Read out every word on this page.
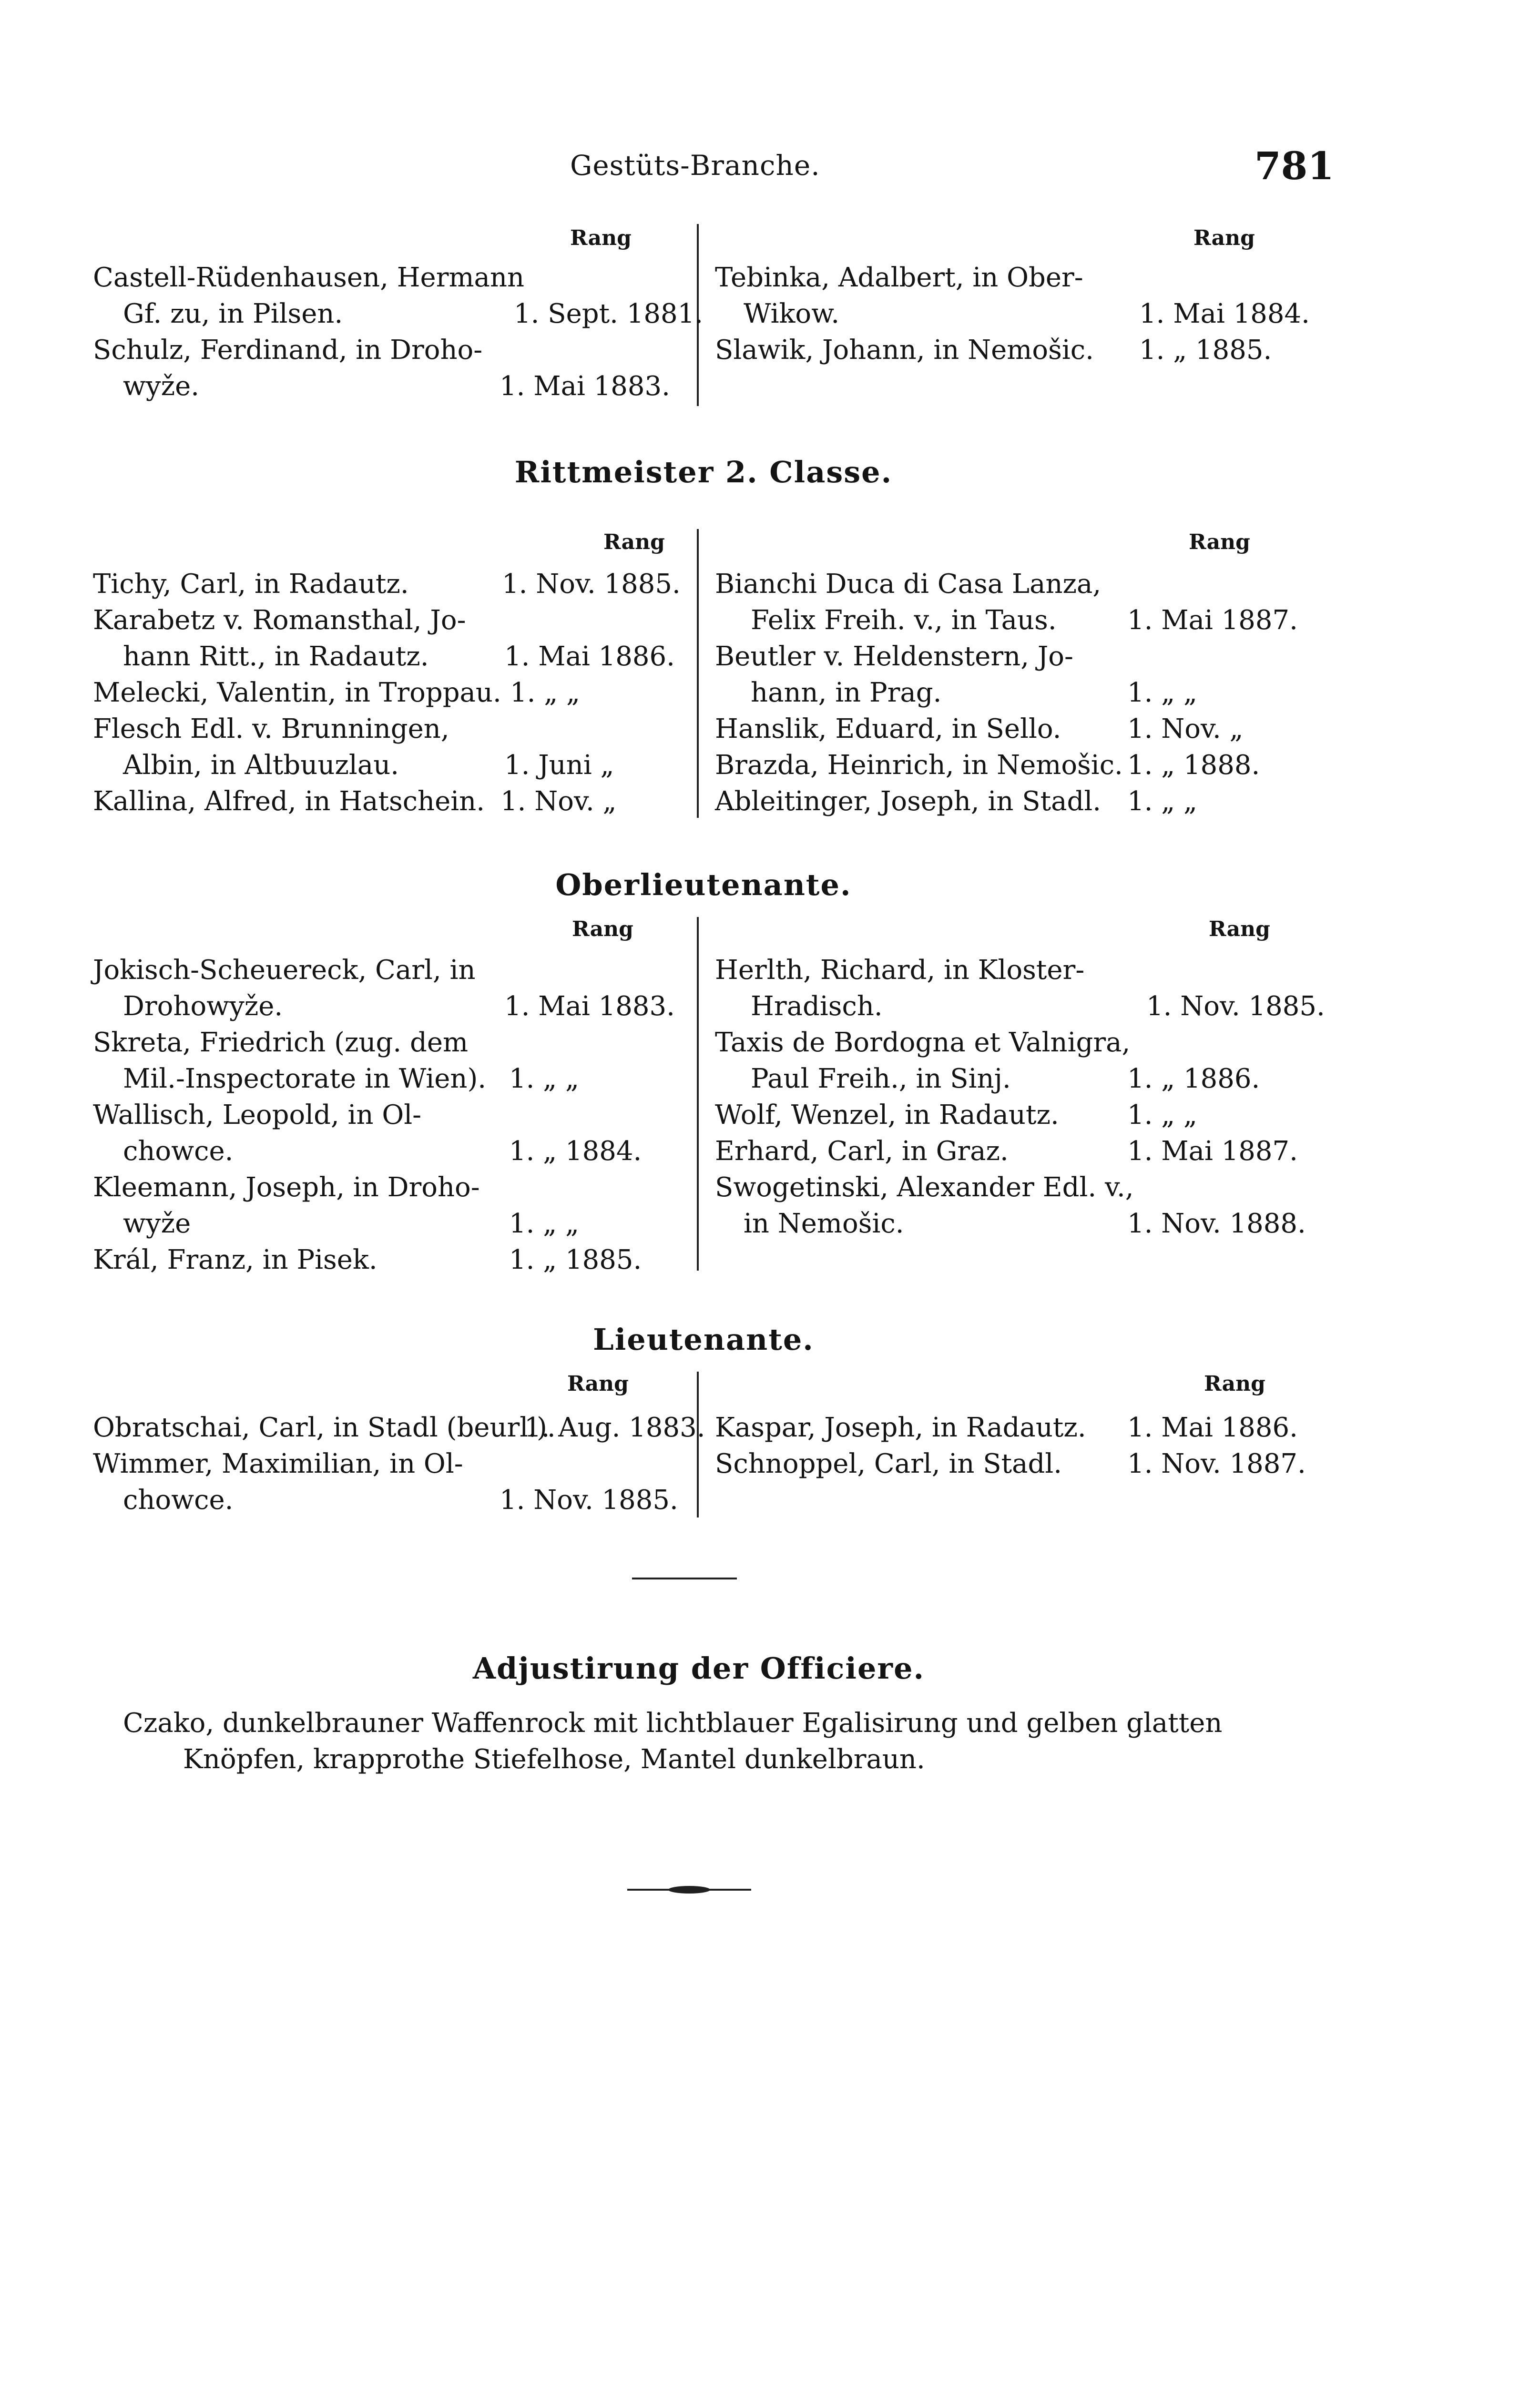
Gestüts-Branche.	781
Rang	Rang
Castell-Rüdenhausen, Hermann
Gf. zu, in Pilsen.	1. Sept. 1881.
Schulz, Ferdinand, in Droho-
wyže.	1. Mai 1883.
Tebinka, Adalbert, in Ober-
Wikow.	1. Mai 1884.
Slawik, Johann, in Nemošic. 1. „ 1885.
Rittmeister 2. Classe.
Rang	Rang
Tichy, Carl, in Radautz.	1. Nov. 1885.
Karabetz v. Romansthal, Jo-
hann Ritt., in Radautz.	1. Mai 1886.
Melecki, Valentin, in Troppau. 1. „ „
Flesch Edl. v. Brunningen,
Albin, in Altbuuzlau.	1. Juni „
Kallina, Alfred, in Hatschein. 1. Nov. „
Bianchi Duca di Casa Lanza,
Felix Freih. v., in Taus.	1. Mai 1887.
Beutler v. Heldenstern, Jo-
hann, in Prag.	1. „ „
Hanslik, Eduard, in Sello. 1. Nov. „
Brazda, Heinrich, in Nemošic. 1. „ 1888.
Ableitinger, Joseph, in Stadl. 1. „ „
Oberlieutenante.
Rang	Rang
Jokisch-Scheuereck, Carl, in
Drohowyže.	1. Mai 1883.
Skreta, Friedrich (zug. dem
Mil.-Inspectorate in Wien). 1. „ „
Wallisch, Leopold, in Ol-
chowce.	1. „ 1884.
Kleemann, Joseph, in Droho-
wyže	1. „ „
Král, Franz, in Pisek.	1. „ 1885.
Herlth, Richard, in Kloster-
Hradisch.	1. Nov. 1885.
Taxis de Bordogna et Valnigra,
Paul Freih., in Sinj.	1. „ 1886.
Wolf, Wenzel, in Radautz.	1. „ „
Erhard, Carl, in Graz.	1. Mai 1887.
Swogetinski, Alexander Edl. v.,
in Nemošic.	1. Nov. 1888.
Lieutenante.
Rang	Rang
Obratschai, Carl, in Stadl (beurl.).
1. Aug. 1883.
Wimmer, Maximilian, in Ol-
chowce.	1. Nov. 1885.
Kaspar, Joseph, in Radautz. 1. Mai 1886.
Schnoppel, Carl, in Stadl. 1. Nov. 1887.
Adjustirung der Officiere.
Czako, dunkelbrauner Waffenrock mit lichtblauer Egalisirung und gelben glatten
Knöpfen, krapprothe Stiefelhose, Mantel dunkelbraun.
